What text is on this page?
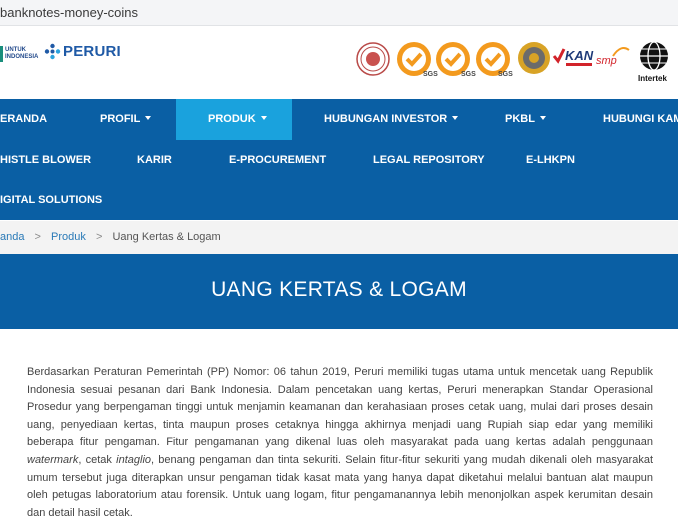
banknotes-money-coins
UNTUK
INDONESIA PERURI
SGS	SGS	SGS
KAN smp
Intertek
ERANDA	PROFIL	PRODUK	HUBUNGAN INVESTOR	PKBL	HUBUNGI KAMI
HISTLE BLOWER	KARIR	E-PROCUREMENT	LEGAL REPOSITORY	E-LHKPN
IGITAL SOLUTIONS
anda > Produk > Uang Kertas & Logam
UANG KERTAS & LOGAM

Berdasarkan Peraturan Pemerintah (PP) Nomor: 06 tahun 2019, Peruri memiliki tugas utama untuk mencetak uang Republik Indonesia sesuai pesanan dari Bank Indonesia. Dalam pencetakan uang kertas, Peruri menerapkan Standar Operasional Prosedur yang berpengaman tinggi untuk menjamin keamanan dan kerahasiaan proses cetak uang, mulai dari proses desain uang, penyediaan kertas, tinta maupun proses cetaknya hingga akhirnya menjadi uang Rupiah siap edar yang memiliki beberapa fitur pengaman. Fitur pengamanan yang dikenal luas oleh masyarakat pada uang kertas adalah penggunaan watermark, cetak intaglio, benang pengaman dan tinta sekuriti. Selain fitur-fitur sekuriti yang mudah dikenali oleh masyarakat umum tersebut juga diterapkan unsur pengaman tidak kasat mata yang hanya dapat diketahui melalui bantuan alat maupun oleh petugas laboratorium atau forensik. Untuk uang logam, fitur pengamanannya lebih menonjolkan aspek kerumitan desain dan detail hasil cetak.
